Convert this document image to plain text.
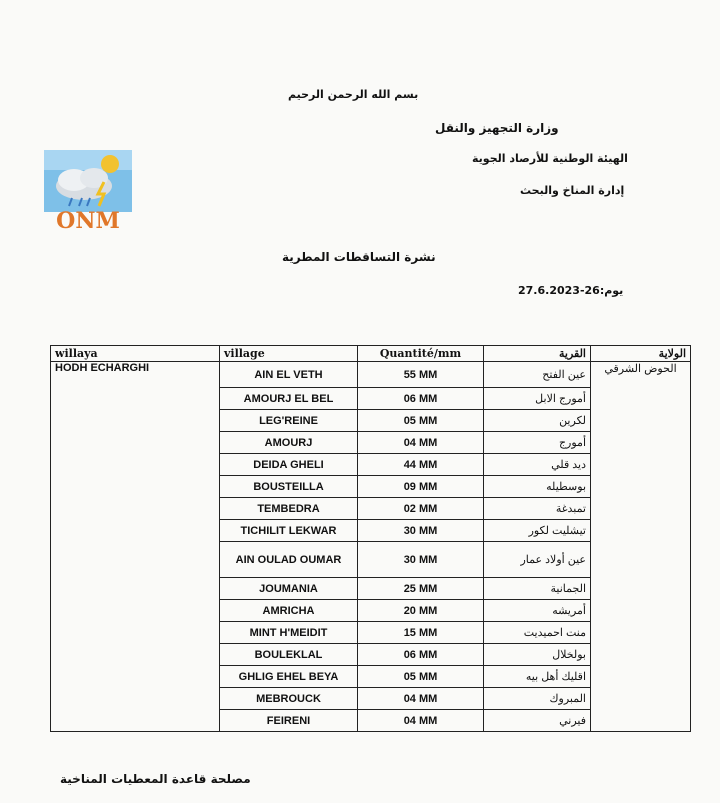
بسم الله الرحمن الرحيم
وزارة التجهيز والنقل
الهيئة الوطنية للأرصاد الجوية
إدارة المناخ والبحث
ONM
نشرة التساقطات المطرية
يوم:26-27.6.2023
willaya	village	Quantité/mm	القرية	الولاية
HODH ECHARGHI	AIN EL VETH	55 MM	عين الفتح	الحوض الشرقي
	AMOURJ EL BEL	06 MM	أمورج الابل	
	LEG'REINE	05 MM	لكرين	
	AMOURJ	04 MM	أمورج	
	DEIDA GHELI	44 MM	ديد قلي	
	BOUSTEILLA	09 MM	بوسطيله	
	TEMBEDRA	02 MM	تمبدغة	
	TICHILIT LEKWAR	30 MM	تيشليت لكور	
	AIN OULAD OUMAR	30 MM	عين أولاد عمار	
	JOUMANIA	25 MM	الجمانية	
	AMRICHA	20 MM	أمريشه	
	MINT H'MEIDIT	15 MM	منت احميديت	
	BOULEKLAL	06 MM	بولخلال	
	GHLIG EHEL BEYA	05 MM	اقليك أهل بيه	
	MEBROUCK	04 MM	المبروك	
	FEIRENI	04 MM	فيرني	
مصلحة قاعدة المعطيات المناخية
